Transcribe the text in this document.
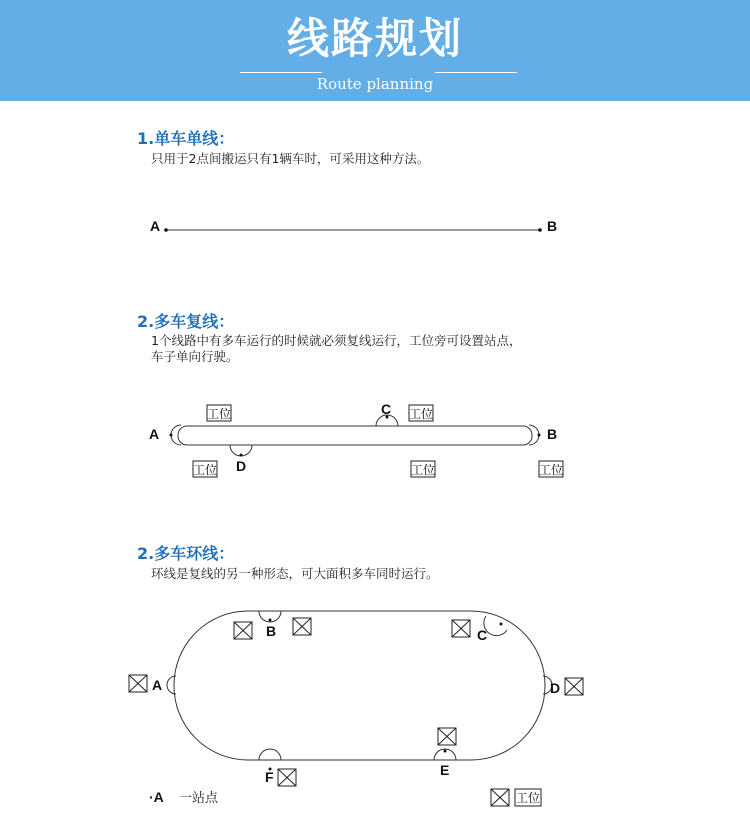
线路规划
Route planning
1.单车单线：
只用于2点间搬运只有1辆车时，可采用这种方法。
2.多车复线：
1个线路中有多车运行的时候就必须复线运行，工位旁可设置站点，
车子单向行驶。
2.多车环线：
环线是复线的另一种形态，可大面积多车同时运行。
A	B
A	B
C
D
工位	工位
工位	工位	工位
A
B	C
D
E
F
·A 一站点	工位
